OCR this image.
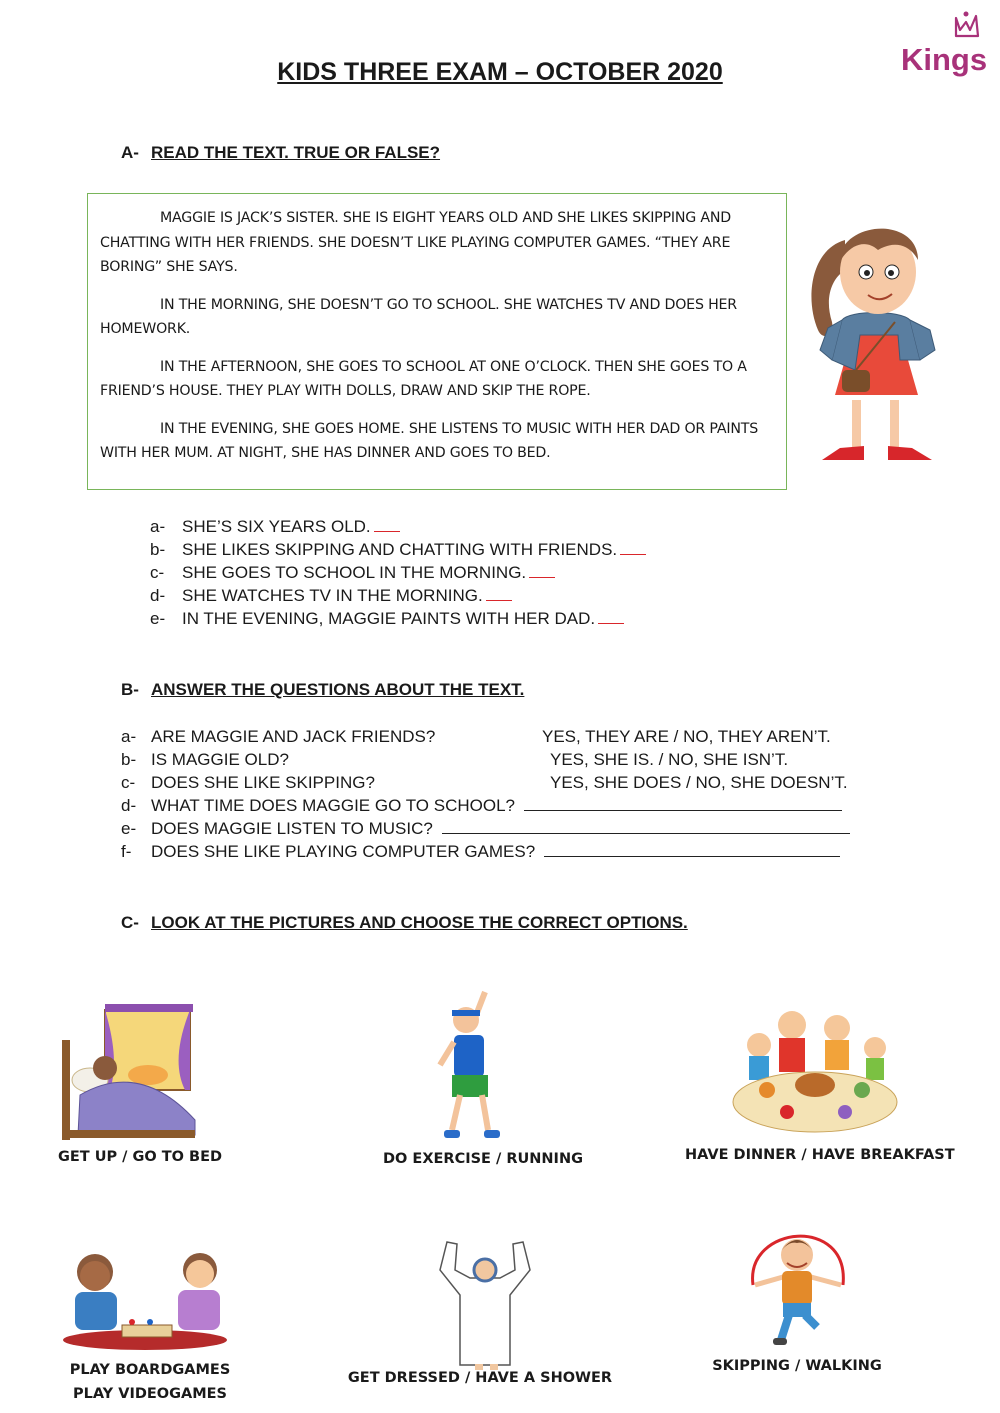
KIDS THREE EXAM – OCTOBER 2020	Kings
A- READ THE TEXT. TRUE OR FALSE?

MAGGIE IS JACK’S SISTER. SHE IS EIGHT YEARS OLD AND SHE LIKES SKIPPING AND CHATTING WITH HER FRIENDS. SHE DOESN’T LIKE PLAYING COMPUTER GAMES. “THEY ARE BORING” SHE SAYS.

IN THE MORNING, SHE DOESN’T GO TO SCHOOL. SHE WATCHES TV AND DOES HER HOMEWORK.

IN THE AFTERNOON, SHE GOES TO SCHOOL AT ONE O’CLOCK. THEN SHE GOES TO A FRIEND’S HOUSE. THEY PLAY WITH DOLLS, DRAW AND SKIP THE ROPE.

IN THE EVENING, SHE GOES HOME. SHE LISTENS TO MUSIC WITH HER DAD OR PAINTS WITH HER MUM. AT NIGHT, SHE HAS DINNER AND GOES TO BED.

a- SHE’S SIX YEARS OLD.
b- SHE LIKES SKIPPING AND CHATTING WITH FRIENDS.
c- SHE GOES TO SCHOOL IN THE MORNING.
d- SHE WATCHES TV IN THE MORNING.
e- IN THE EVENING, MAGGIE PAINTS WITH HER DAD.
B- ANSWER THE QUESTIONS ABOUT THE TEXT.
a- ARE MAGGIE AND JACK FRIENDS?	YES, THEY ARE / NO, THEY AREN’T.
b- IS MAGGIE OLD?	YES, SHE IS. / NO, SHE ISN’T.
c- DOES SHE LIKE SKIPPING?	YES, SHE DOES / NO, SHE DOESN’T.
d- WHAT TIME DOES MAGGIE GO TO SCHOOL?
e- DOES MAGGIE LISTEN TO MUSIC?
f- DOES SHE LIKE PLAYING COMPUTER GAMES?
C- LOOK AT THE PICTURES AND CHOOSE THE CORRECT OPTIONS.
GET UP / GO TO BED	DO EXERCISE / RUNNING	HAVE DINNER / HAVE BREAKFAST
PLAY BOARDGAMES
PLAY VIDEOGAMES
GET DRESSED / HAVE A SHOWER
SKIPPING / WALKING
